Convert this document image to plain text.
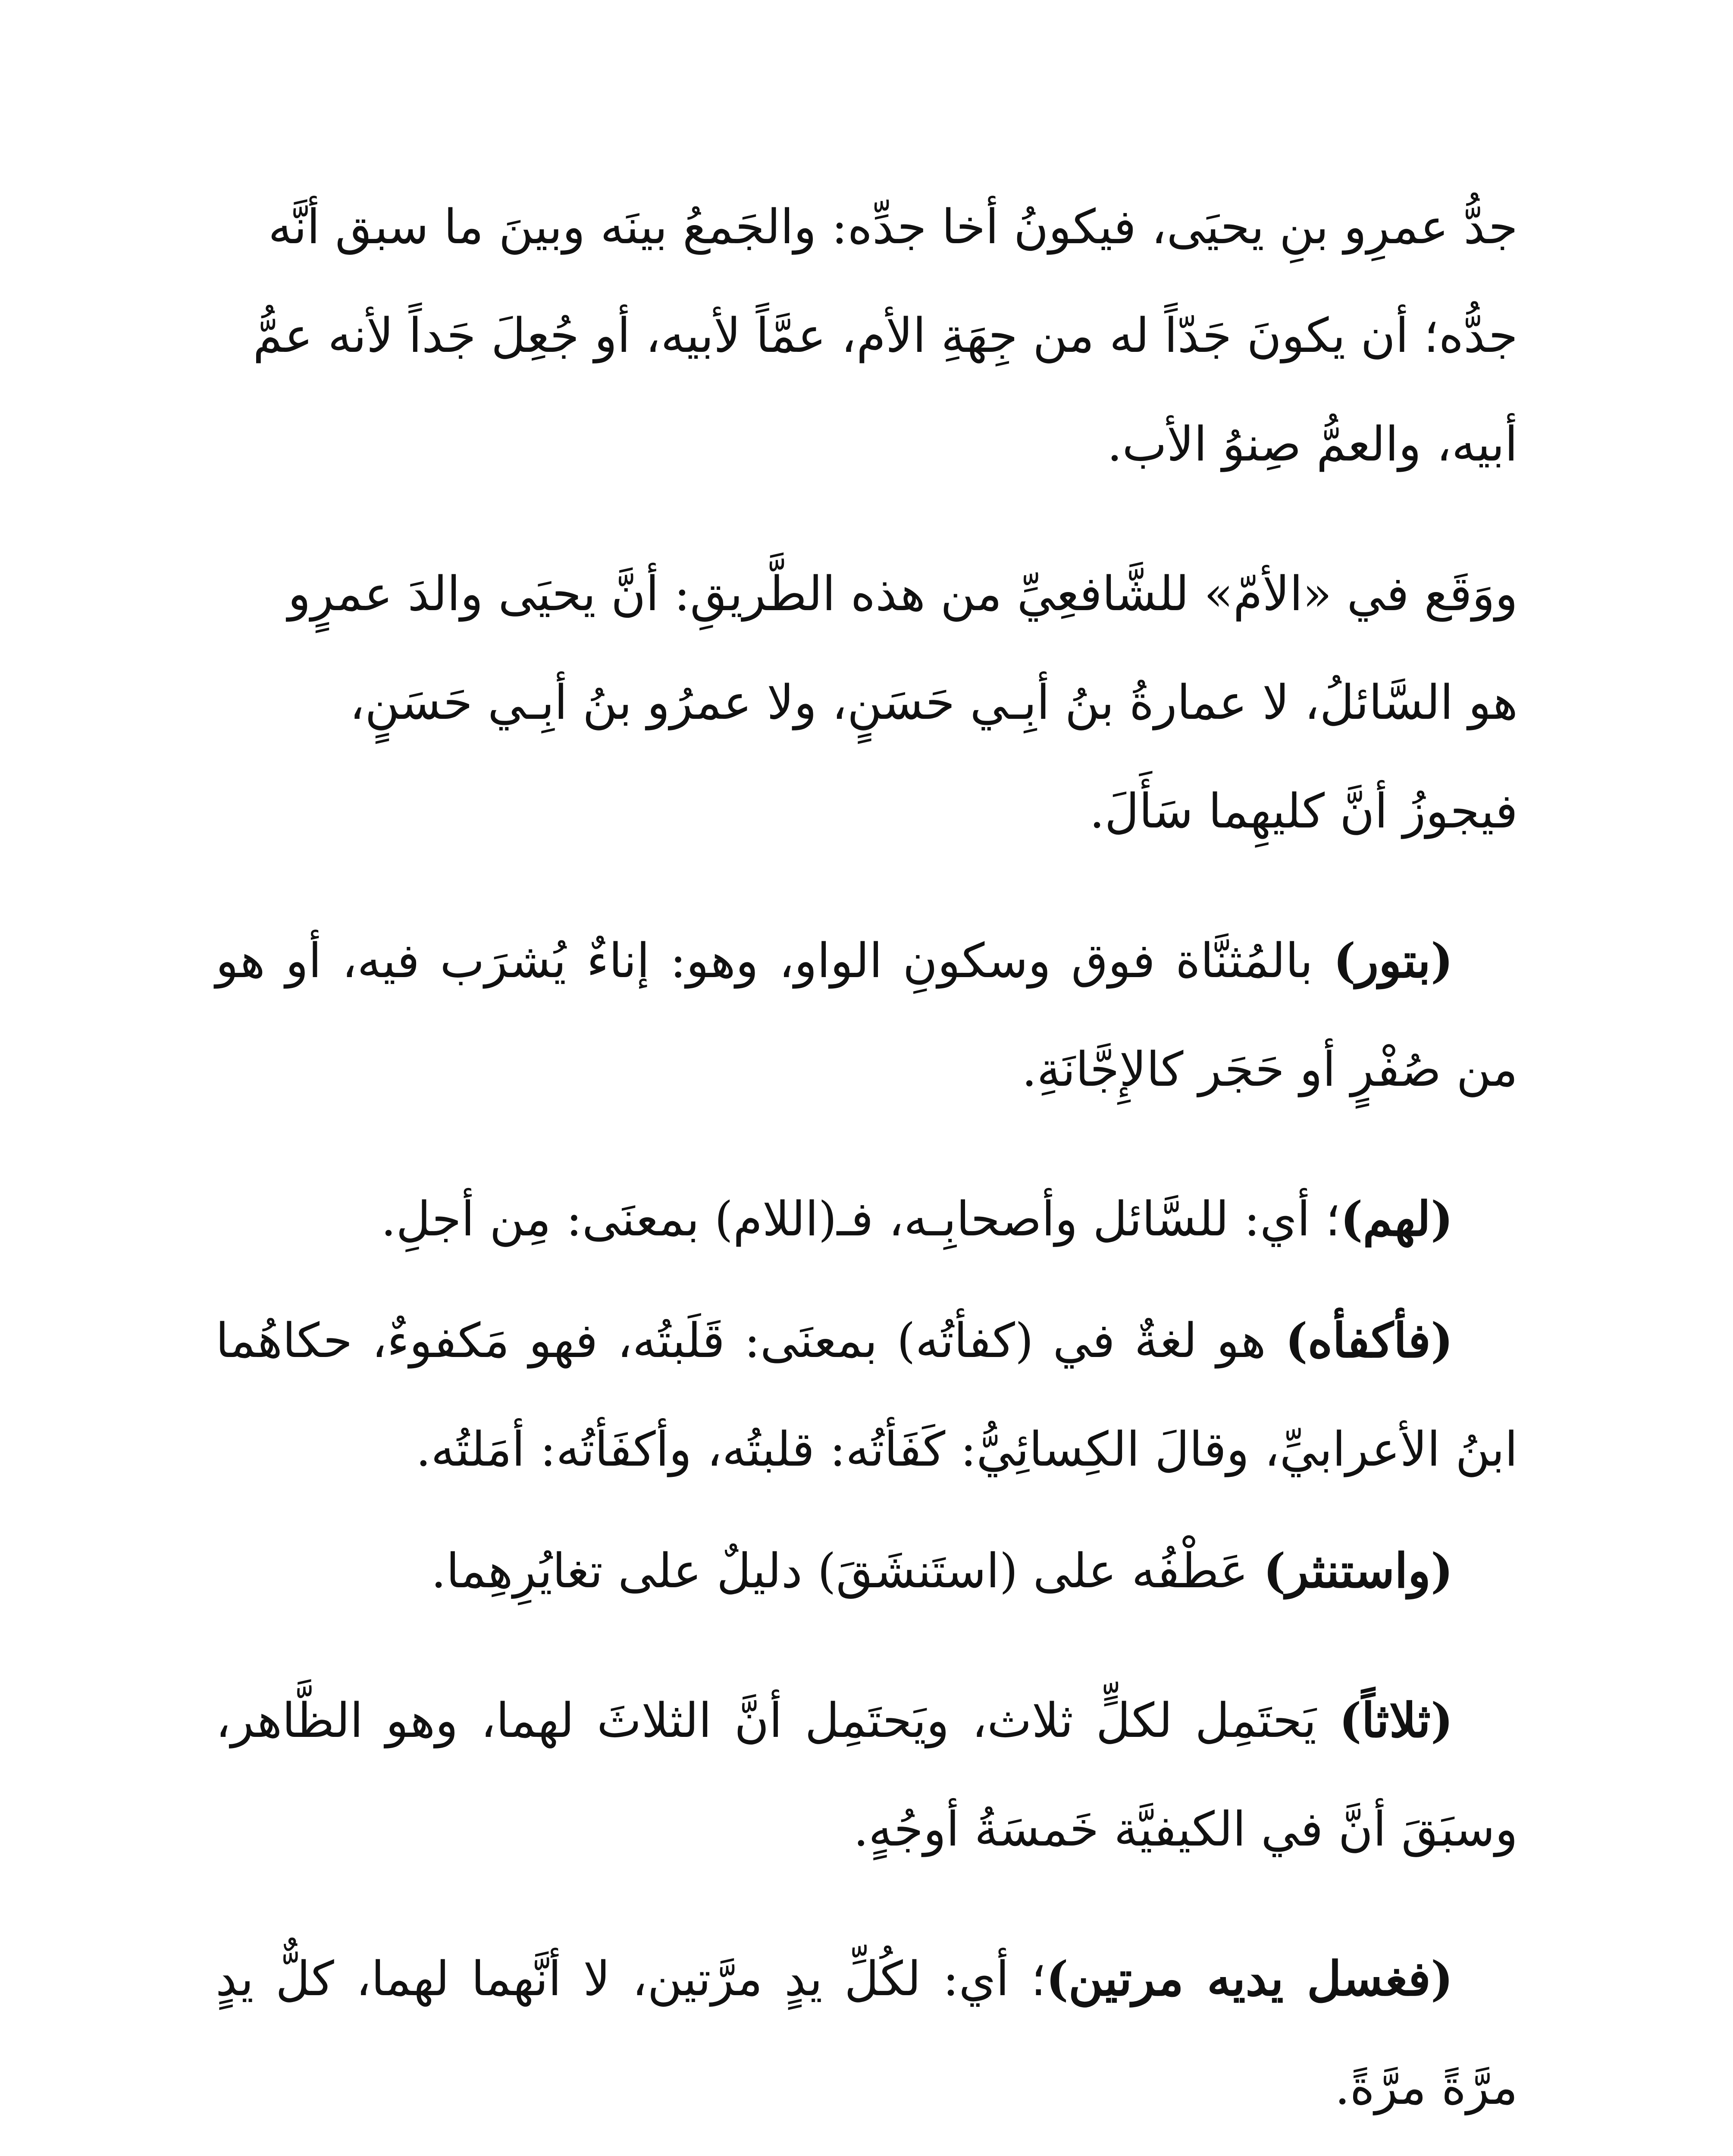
جدُّ عمرِو بنِ يحيَى، فيكونُ أخا جدِّه: والجَمعُ بينَه وبينَ ما سبق أنَّه
جدُّه؛ أن يكونَ جَدّاً له من جِهَةِ الأم، عمَّاً لأبيه، أو جُعِلَ جَداً لأنه عمُّ
أبيه، والعمُّ صِنوُ الأب.

ووَقَع في «الأمّ» للشَّافعِيِّ من هذه الطَّريقِ: أنَّ يحيَى والدَ عمرٍو
هو السَّائلُ، لا عمارةُ بنُ أبِـي حَسَنٍ، ولا عمرُو بنُ أبِـي حَسَنٍ،
فيجوزُ أنَّ كليهِما سَأَلَ.

(بتور) بالمُثنَّاة فوق وسكونِ الواو، وهو: إناءٌ يُشرَب فيه، أو هو من صُفْرٍ أو حَجَر كالإِجَّانَةِ.

(لهم)؛ أي: للسَّائل وأصحابِـه، فـ(اللام) بمعنَى: مِن أجلِ.

(فأكفأه) هو لغةٌ في (كفأتُه) بمعنَى: قَلَبتُه، فهو مَكفوءٌ، حكاهُما ابنُ الأعرابيِّ، وقالَ الكِسائِيُّ: كَفَأتُه: قلبتُه، وأكفَأتُه: أمَلتُه.

(واستنثر) عَطْفُه على (استَنشَقَ) دليلٌ على تغايُرِهِما.

(ثلاثاً) يَحتَمِل لكلٍّ ثلاث، ويَحتَمِل أنَّ الثلاثَ لهما، وهو الظَّاهر، وسبَقَ أنَّ في الكيفيَّة خَمسَةُ أوجُهٍ.

(فغسل يديه مرتين)؛ أي: لكُلِّ يدٍ مرَّتين، لا أنَّهما لهما، كلٌّ يدٍ مرَّةً مرَّةً.
